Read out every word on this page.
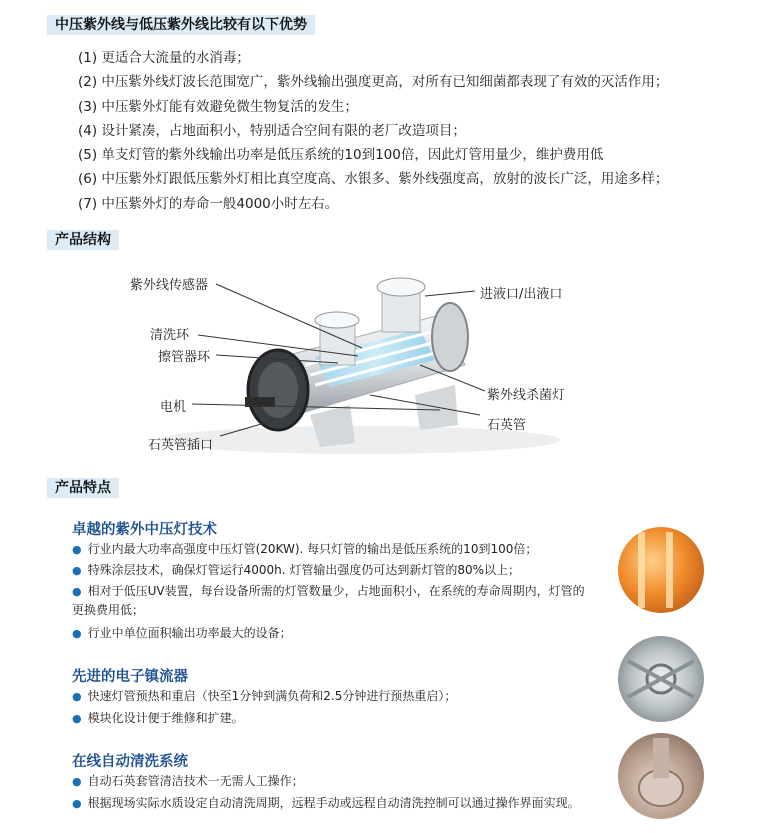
中压紫外线与低压紫外线比较有以下优势
(1) 更适合大流量的水消毒；
(2) 中压紫外线灯波长范围宽广，紫外线输出强度更高，对所有已知细菌都表现了有效的灭活作用；
(3) 中压紫外灯能有效避免微生物复活的发生；
(4) 设计紧凑，占地面积小，特别适合空间有限的老厂改造项目；
(5) 单支灯管的紫外线输出功率是低压系统的10到100倍，因此灯管用量少，维护费用低
(6) 中压紫外灯跟低压紫外灯相比真空度高、水银多、紫外线强度高，放射的波长广泛，用途多样；
(7) 中压紫外灯的寿命一般4000小时左右。
产品结构
紫外线传感器
清洗环
擦管器环
电机
石英管插口
进液口/出液口
紫外线杀菌灯
石英管
产品特点
卓越的紫外中压灯技术
● 行业内最大功率高强度中压灯管(20KW). 每只灯管的输出是低压系统的10到100倍；
● 特殊涂层技术，确保灯管运行4000h. 灯管输出强度仍可达到新灯管的80%以上；
● 相对于低压UV装置，每台设备所需的灯管数量少，占地面积小，在系统的寿命周期内，灯管的更换费用低；
● 行业中单位面积输出功率最大的设备；
先进的电子镇流器
● 快速灯管预热和重启（快至1分钟到满负荷和2.5分钟进行预热重启）；
● 模块化设计便于维修和扩建。
在线自动清洗系统
● 自动石英套管清洁技术一无需人工操作；
● 根据现场实际水质设定自动清洗周期，远程手动或远程自动清洗控制可以通过操作界面实现。
